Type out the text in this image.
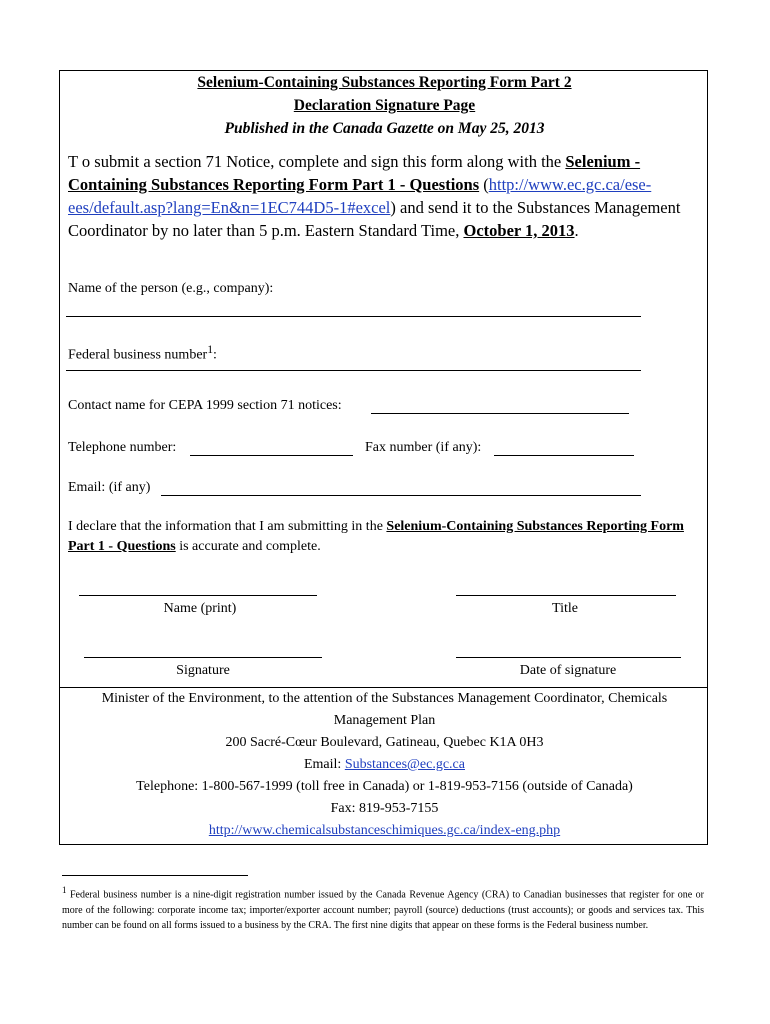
Selenium-Containing Substances Reporting Form Part 2
Declaration Signature Page
Published in the Canada Gazette on May 25, 2013
T o submit a section 71 Notice, complete and sign this form along with the Selenium -Containing Substances Reporting Form Part 1 - Questions (http://www.ec.gc.ca/ese-ees/default.asp?lang=En&n=1EC744D5-1#excel) and send it to the Substances Management Coordinator by no later than 5 p.m. Eastern Standard Time, October 1, 2013.
Name of the person (e.g., company):
Federal business number$^1$:
Contact name for CEPA 1999 section 71 notices:
Telephone number:	Fax number (if any):
Email: (if any)
I declare that the information that I am submitting in the Selenium-Containing Substances Reporting Form Part 1 - Questions is accurate and complete.
Name (print)	Title
Signature	Date of signature
Minister of the Environment, to the attention of the Substances Management Coordinator, Chemicals
Management Plan
200 Sacré-Cœur Boulevard, Gatineau, Quebec K1A 0H3
Email: Substances@ec.gc.ca
Telephone: 1-800-567-1999 (toll free in Canada) or 1-819-953-7156 (outside of Canada)
Fax: 819-953-7155
http://www.chemicalsubstanceschimiques.gc.ca/index-eng.php
$^1$ Federal business number is a nine-digit registration number issued by the Canada Revenue Agency (CRA) to Canadian businesses that register for one or more of the following: corporate income tax; importer/exporter account number; payroll (source) deductions (trust accounts); or goods and services tax. This number can be found on all forms issued to a business by the CRA. The first nine digits that appear on these forms is the Federal business number.
